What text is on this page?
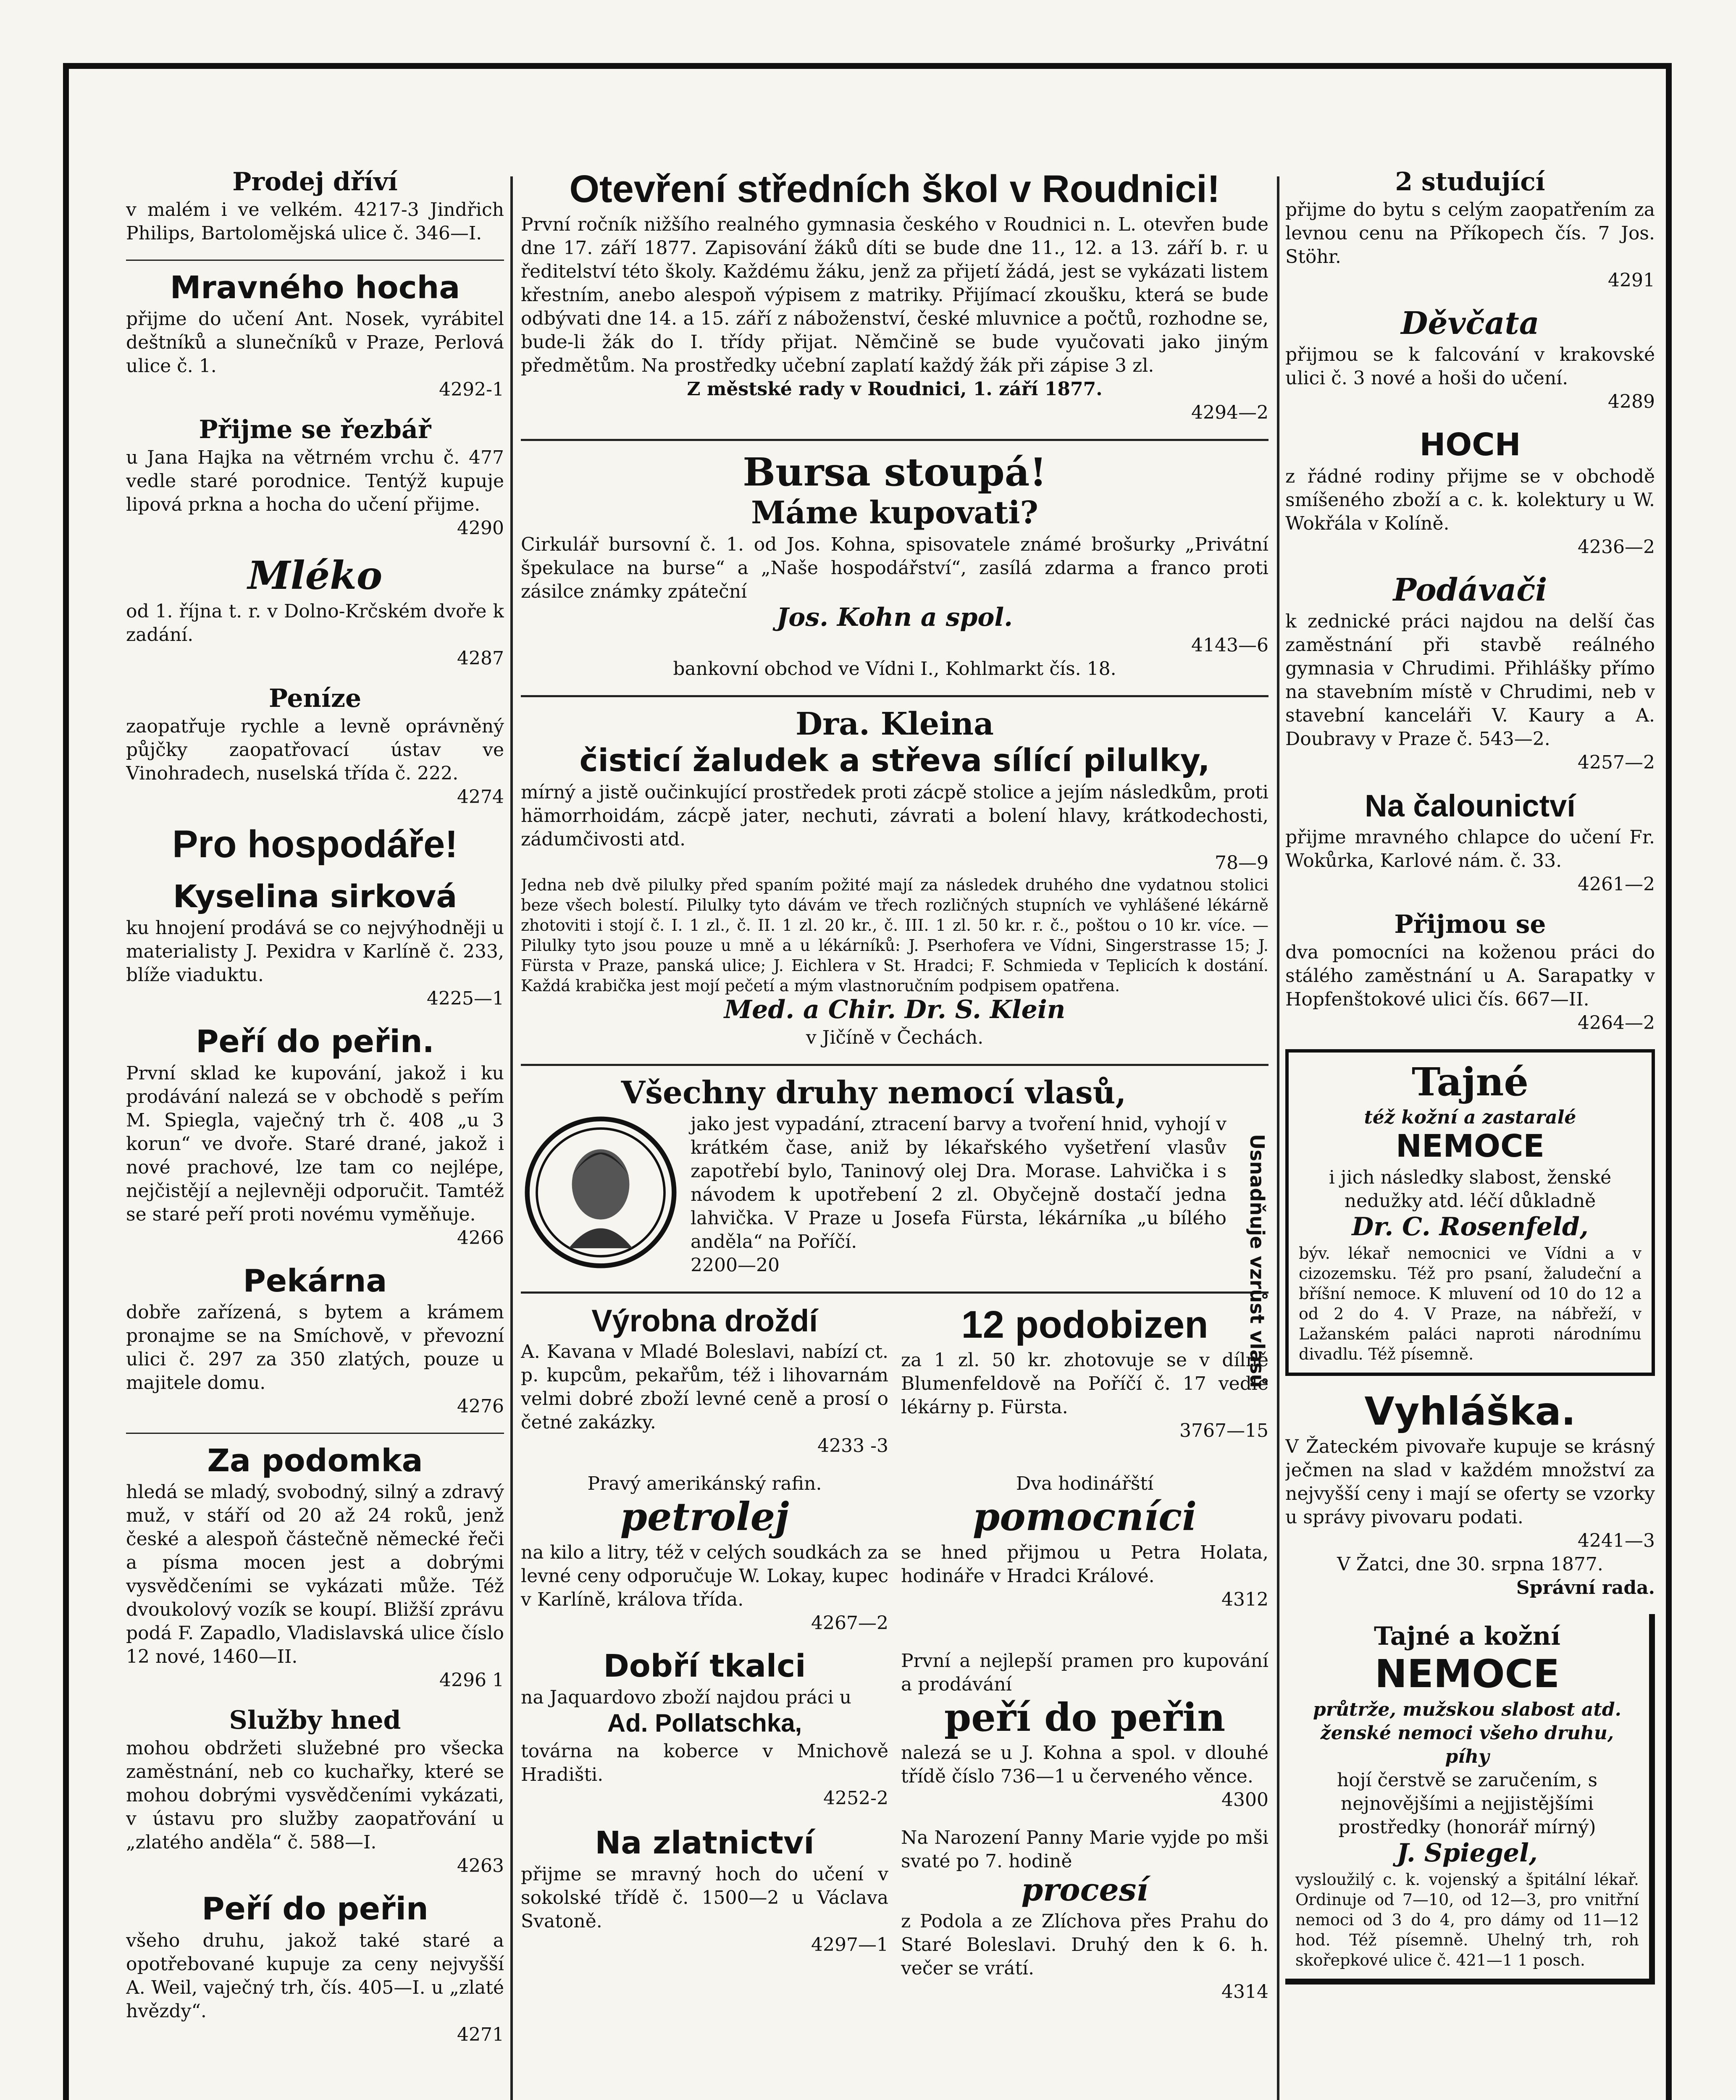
Prodej dříví

v malém i ve velkém. 4217-3 Jindřich Philips, Bartolomějská ulice č. 346—I.

Mravného hocha

přijme do učení Ant. Nosek, vyrábitel deštníků a slunečníků v Praze, Perlová ulice č. 1.

4292-1
Přijme se řezbář

u Jana Hajka na větrném vrchu č. 477 vedle staré porodnice. Tentýž kupuje lipová prkna a hocha do učení přijme.

4290
Mléko

od 1. října t. r. v Dolno-Krčském dvoře k zadání.

4287
Peníze

zaopatřuje rychle a levně oprávněný půjčky zaopatřovací ústav ve Vinohradech, nuselská třída č. 222.

4274
Pro hospodáře!
Kyselina sirková

ku hnojení prodává se co nejvýhodněji u materialisty J. Pexidra v Karlíně č. 233, blíže viaduktu.

4225—1
Peří do peřin.

První sklad ke kupování, jakož i ku prodávání nalezá se v obchodě s peřím M. Spiegla, vaječný trh č. 408 „u 3 korun“ ve dvoře. Staré drané, jakož i nové prachové, lze tam co nejlépe, nejčistějí a nejlevněji odporučit. Tamtéž se staré peří proti novému vyměňuje.

4266
Pekárna

dobře zařízená, s bytem a krámem pronajme se na Smíchově, v převozní ulici č. 297 za 350 zlatých, pouze u majitele domu.

4276
Za podomka

hledá se mladý, svobodný, silný a zdravý muž, v stáří od 20 až 24 roků, jenž české a alespoň částečně německé řeči a písma mocen jest a dobrými vysvědčeními se vykázati může. Též dvoukolový vozík se koupí. Bližší zprávu podá F. Zapadlo, Vladislavská ulice číslo 12 nové, 1460—II.

4296 1
Služby hned

mohou obdržeti služebné pro všecka zaměstnání, neb co kuchařky, které se mohou dobrými vysvědčeními vykázati, v ústavu pro služby zaopatřování u „zlatého anděla“ č. 588—I.

4263
Peří do peřin

všeho druhu, jakož také staré a opotřebované kupuje za ceny nejvyšší A. Weil, vaječný trh, čís. 405—I. u „zlaté hvězdy“.

4271
Otevření středních škol v Roudnici!

První ročník nižšího realného gymnasia českého v Roudnici n. L. otevřen bude dne 17. září 1877. Zapisování žáků díti se bude dne 11., 12. a 13. září b. r. u ředitelství této školy. Každému žáku, jenž za přijetí žádá, jest se vykázati listem křestním, anebo alespoň výpisem z matriky. Přijímací zkoušku, která se bude odbývati dne 14. a 15. září z náboženství, české mluvnice a počtů, rozhodne se, bude-li žák do I. třídy přijat. Němčině se bude vyučovati jako jiným předmětům. Na prostředky učební zaplatí každý žák při zápise 3 zl.

Z městské rady v Roudnici, 1. září 1877.

4294—2
Bursa stoupá!
Máme kupovati?

Cirkulář bursovní č. 1. od Jos. Kohna, spisovatele známé brošurky „Privátní špekulace na burse“ a „Naše hospodářství“, zasílá zdarma a franco proti zásilce známky zpáteční

Jos. Kohn a spol.
4143—6

bankovní obchod ve Vídni I., Kohlmarkt čís. 18.

Dra. Kleina
čisticí žaludek a střeva sílící pilulky,

mírný a jistě oučinkující prostředek proti zácpě stolice a jejím následkům, proti hämorrhoidám, zácpě jater, nechuti, závrati a bolení hlavy, krátkodechosti, zádumčivosti atd.

78—9

Jedna neb dvě pilulky před spaním požité mají za následek druhého dne vydatnou stolici beze všech bolestí. Pilulky tyto dávám ve třech rozličných stupních ve vyhlášené lékárně zhotoviti i stojí č. I. 1 zl., č. II. 1 zl. 20 kr., č. III. 1 zl. 50 kr. r. č., poštou o 10 kr. více. — Pilulky tyto jsou pouze u mně a u lékárníků: J. Pserhofera ve Vídni, Singerstrasse 15; J. Fürsta v Praze, panská ulice; J. Eichlera v St. Hradci; F. Schmieda v Teplicích k dostání. Každá krabička jest mojí pečetí a mým vlastnoručním podpisem opatřena.

Med. a Chir. Dr. S. Klein

v Jičíně v Čechách.

Všechny druhy nemocí vlasů,

jako jest vypadání, ztracení barvy a tvoření hnid, vyhojí v krátkém čase, aniž by lékařského vyšetření vlasův zapotřebí bylo, Taninový olej Dra. Morase. Lahvička i s návodem k upotřebení 2 zl. Obyčejně dostačí jedna lahvička. V Praze u Josefa Fürsta, lékárníka „u bílého anděla“ na Poříčí.

2200—20
Výrobna droždí

A. Kavana v Mladé Boleslavi, nabízí ct. p. kupcům, pekařům, též i lihovarnám velmi dobré zboží levné ceně a prosí o četné zakázky.

4233 -3
12 podobizen

za 1 zl. 50 kr. zhotovuje se v dílně Blumenfeldově na Poříčí č. 17 vedle lékárny p. Fürsta.

3767—15

Pravý amerikánský rafin.

petrolej

na kilo a litry, též v celých soudkách za levné ceny odporučuje W. Lokay, kupec v Karlíně, králova třída.

4267—2

Dva hodinářští

pomocníci

se hned přijmou u Petra Holata, hodináře v Hradci Králové.

4312
Dobří tkalci

na Jaquardovo zboží najdou práci u

Ad. Pollatschka,

továrna na koberce v Mnichově Hradišti.

4252-2

První a nejlepší pramen pro kupování a prodávání

peří do peřin

nalezá se u J. Kohna a spol. v dlouhé třídě číslo 736—1 u červeného věnce.

4300
Na zlatnictví

přijme se mravný hoch do učení v sokolské třídě č. 1500—2 u Václava Svatoně.

4297—1

Na Narození Panny Marie vyjde po mši svaté po 7. hodině

procesí

z Podola a ze Zlíchova přes Prahu do Staré Boleslavi. Druhý den k 6. h. večer se vrátí.

4314
Usnadňuje vzrůst vlasů
2 studující

přijme do bytu s celým zaopatřením za levnou cenu na Příkopech čís. 7 Jos. Stöhr.

4291
Děvčata

přijmou se k falcování v krakovské ulici č. 3 nové a hoši do učení.

4289
HOCH

z řádné rodiny přijme se v obchodě smíšeného zboží a c. k. kolektury u W. Wokřála v Kolíně.

4236—2
Podávači

k zednické práci najdou na delší čas zaměstnání při stavbě reálného gymnasia v Chrudimi. Přihlášky přímo na stavebním místě v Chrudimi, neb v stavební kanceláři V. Kaury a A. Doubravy v Praze č. 543—2.

4257—2
Na čalounictví

přijme mravného chlapce do učení Fr. Wokůrka, Karlové nám. č. 33.

4261—2
Přijmou se

dva pomocníci na koženou práci do stálého zaměstnání u A. Sarapatky v Hopfenštokové ulici čís. 667—II.

4264—2
Tajné

též kožní a zastaralé

NEMOCE

i jich následky slabost, ženské nedužky atd. léčí důkladně

Dr. C. Rosenfeld,

býv. lékař nemocnici ve Vídni a v cizozemsku. Též pro psaní, žaludeční a bříšní nemoce. K mluvení od 10 do 12 a od 2 do 4. V Praze, na nábřeží, v Lažanském paláci naproti národnímu divadlu. Též písemně.

Vyhláška.

V Žateckém pivovaře kupuje se krásný ječmen na slad v každém množství za nejvyšší ceny i mají se oferty se vzorky u správy pivovaru podati.

4241—3

V Žatci, dne 30. srpna 1877.

Správní rada.
Tajné a kožní
NEMOCE

průtrže, mužskou slabost atd. ženské nemoci všeho druhu, píhy

hojí čerstvě se zaručením, s nejnovějšími a nejjistějšími prostředky (honorář mírný)

J. Spiegel,

vysloužilý c. k. vojenský a špitální lékař. Ordinuje od 7—10, od 12—3, pro vnitřní nemoci od 3 do 4, pro dámy od 11—12 hod. Též písemně. Uhelný trh, roh skořepkové ulice č. 421—1 1 posch.
